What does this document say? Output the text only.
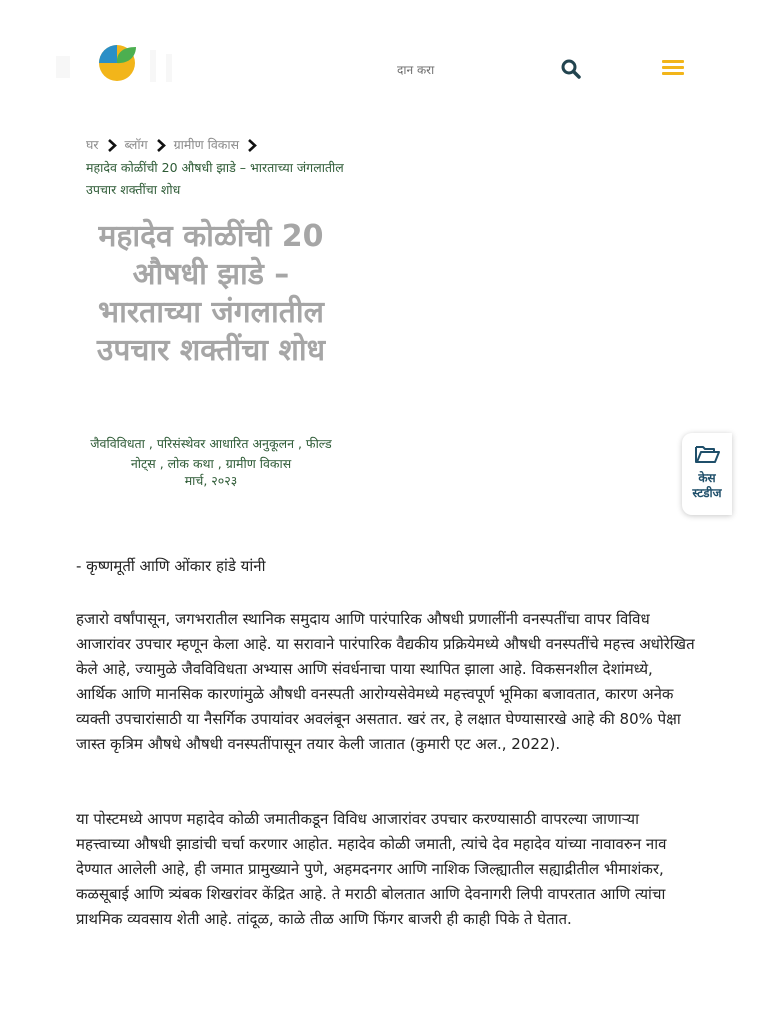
दान करा
घर ब्लॉग ग्रामीण विकास
महादेव कोळींची 20 औषधी झाडे – भारताच्या जंगलातील उपचार शक्तींचा शोध
महादेव कोळींची 20 औषधी झाडे – भारताच्या जंगलातील उपचार शक्तींचा शोध
जैवविविधता , परिसंस्थेवर आधारित अनुकूलन , फील्ड नोट्स , लोक कथा , ग्रामीण विकास
मार्च, २०२३	केस स्टडीज
- कृष्णमूर्ती आणि ओंकार हांडे यांनी

हजारो वर्षांपासून, जगभरातील स्थानिक समुदाय आणि पारंपारिक औषधी प्रणालींनी वनस्पतींचा वापर विविध आजारांवर उपचार म्हणून केला आहे. या सरावाने पारंपारिक वैद्यकीय प्रक्रियेमध्ये औषधी वनस्पतींचे महत्त्व अधोरेखित केले आहे, ज्यामुळे जैवविविधता अभ्यास आणि संवर्धनाचा पाया स्थापित झाला आहे. विकसनशील देशांमध्ये, आर्थिक आणि मानसिक कारणांमुळे औषधी वनस्पती आरोग्यसेवेमध्ये महत्त्वपूर्ण भूमिका बजावतात, कारण अनेक व्यक्ती उपचारांसाठी या नैसर्गिक उपायांवर अवलंबून असतात. खरं तर, हे लक्षात घेण्यासारखे आहे की 80% पेक्षा जास्त कृत्रिम औषधे औषधी वनस्पतींपासून तयार केली जातात (कुमारी एट अल., 2022).

या पोस्टमध्ये आपण महादेव कोळी जमातीकडून विविध आजारांवर उपचार करण्यासाठी वापरल्या जाणाऱ्या महत्त्वाच्या औषधी झाडांची चर्चा करणार आहोत. महादेव कोळी जमाती, त्यांचे देव महादेव यांच्या नावावरुन नाव देण्यात आलेली आहे, ही जमात प्रामुख्याने पुणे, अहमदनगर आणि नाशिक जिल्ह्यातील सह्याद्रीतील भीमाशंकर, कळसूबाई आणि त्र्यंबक शिखरांवर केंद्रित आहे. ते मराठी बोलतात आणि देवनागरी लिपी वापरतात आणि त्यांचा प्राथमिक व्यवसाय शेती आहे. तांदूळ, काळे तीळ आणि फिंगर बाजरी ही काही पिके ते घेतात.
